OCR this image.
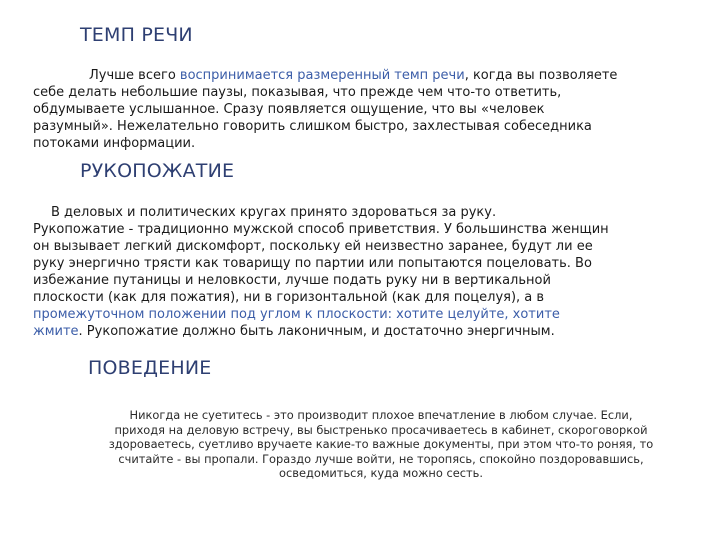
ТЕМП РЕЧИ
Лучше всего воспринимается размеренный темп речи, когда вы позволяете
себе делать небольшие паузы, показывая, что прежде чем что-то ответить,
обдумываете услышанное. Сразу появляется ощущение, что вы «человек
разумный». Нежелательно говорить слишком быстро, захлестывая собеседника
потоками информации.
РУКОПОЖАТИЕ
В деловых и политических кругах принято здороваться за руку.
Рукопожатие - традиционно мужской способ приветствия. У большинства женщин
он вызывает легкий дискомфорт, поскольку ей неизвестно заранее, будут ли ее
руку энергично трясти как товарищу по партии или попытаются поцеловать. Во
избежание путаницы и неловкости, лучше подать руку ни в вертикальной
плоскости (как для пожатия), ни в горизонтальной (как для поцелуя), а в
промежуточном положении под углом к плоскости: хотите целуйте, хотите
жмите. Рукопожатие должно быть лаконичным, и достаточно энергичным.
ПОВЕДЕНИЕ
Никогда не суетитесь - это производит плохое впечатление в любом случае. Если,
приходя на деловую встречу, вы быстренько просачиваетесь в кабинет, скороговоркой
здороваетесь, суетливо вручаете какие-то важные документы, при этом что-то роняя, то
считайте - вы пропали. Гораздо лучше войти, не торопясь, спокойно поздоровавшись,
осведомиться, куда можно сесть.
